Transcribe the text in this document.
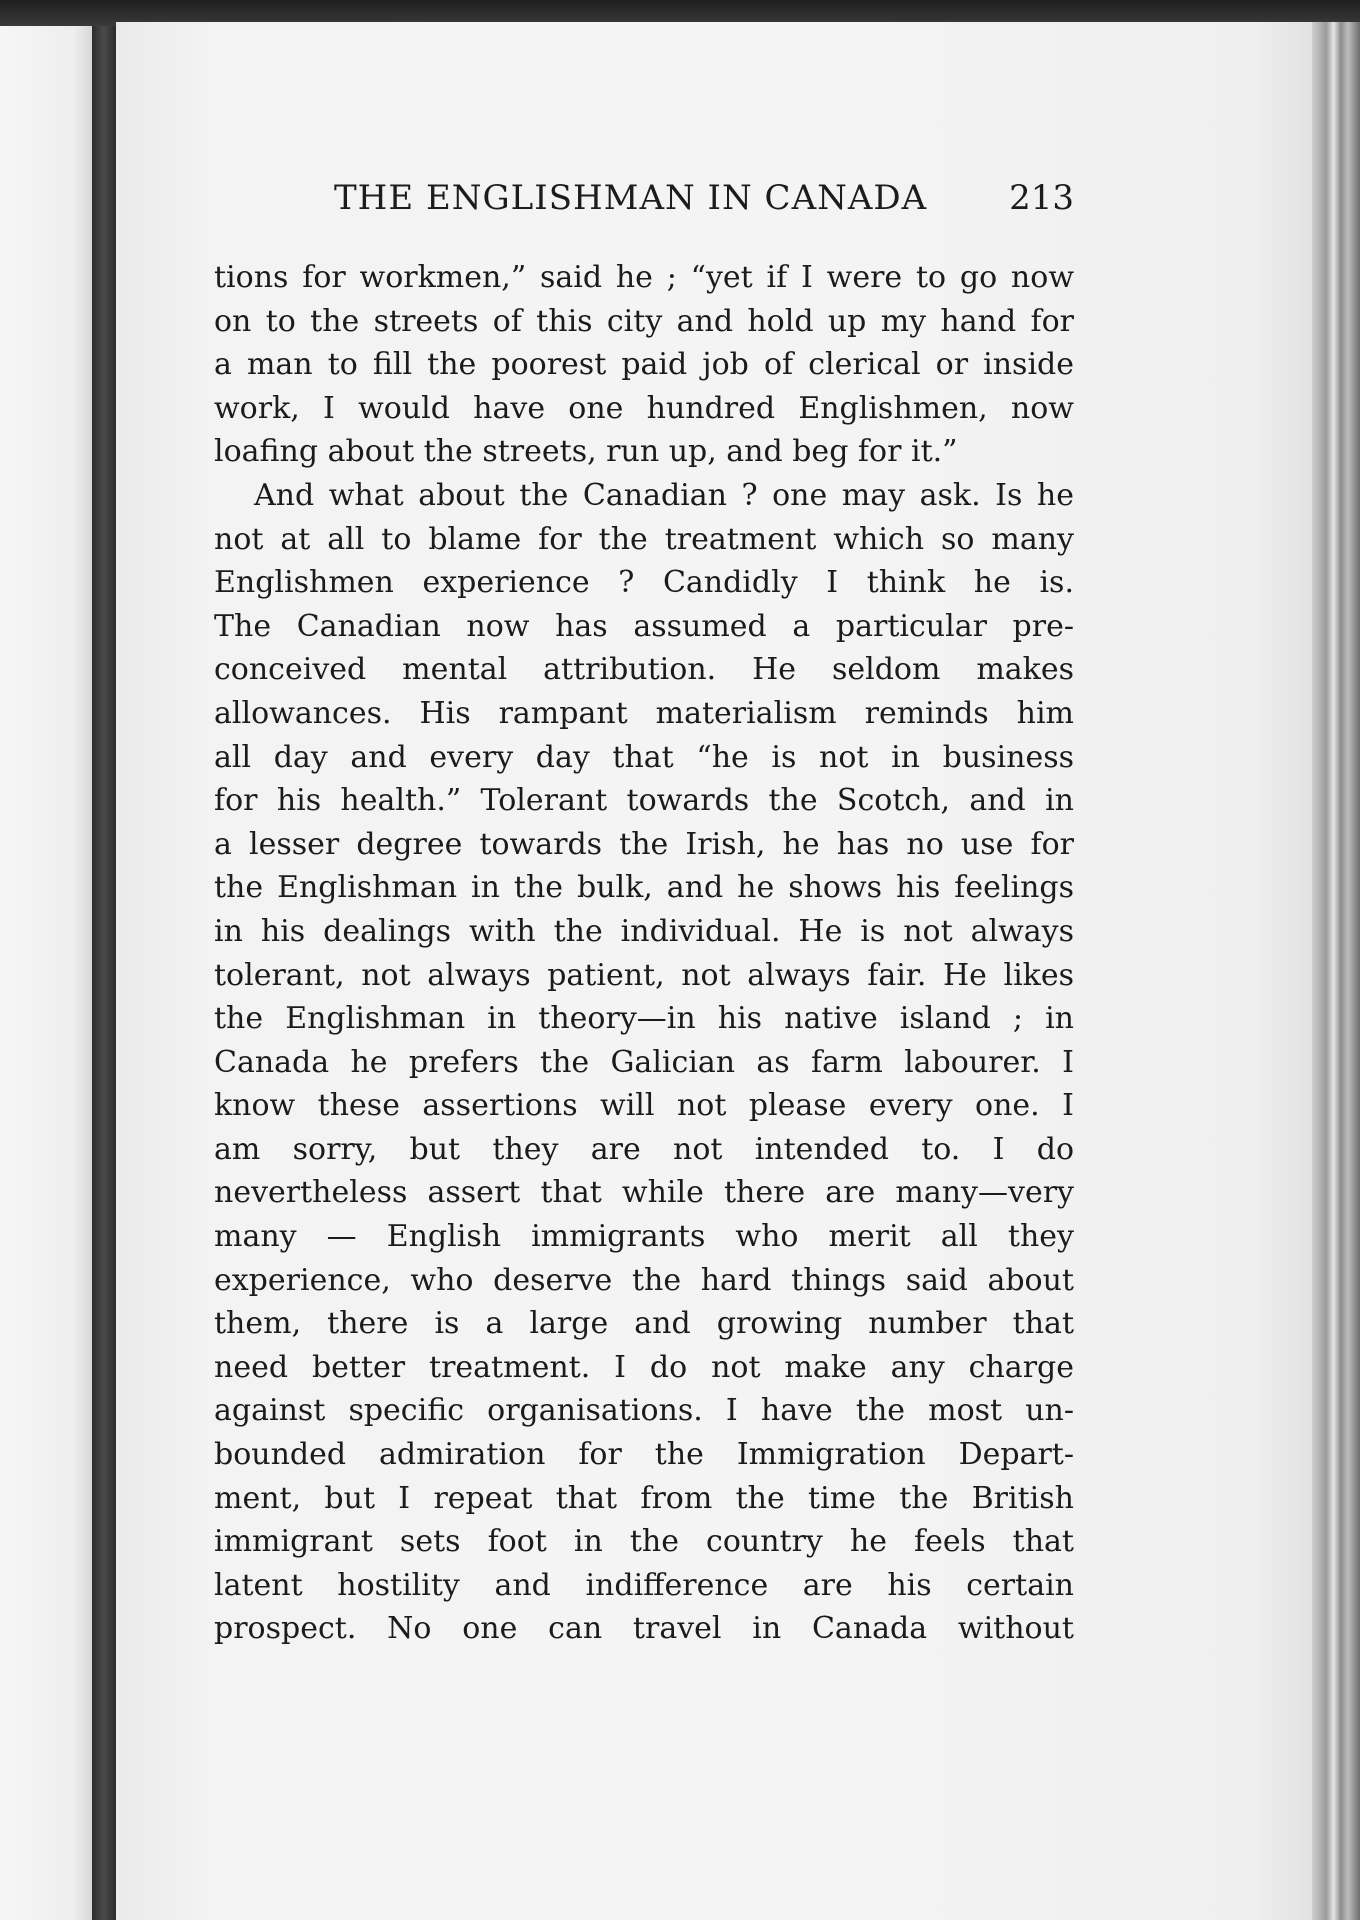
THE ENGLISHMAN IN CANADA 213
tions for workmen,” said he ; “yet if I were to go now
on to the streets of this city and hold up my hand for
a man to fill the poorest paid job of clerical or inside
work, I would have one hundred Englishmen, now
loafing about the streets, run up, and beg for it.”
And what about the Canadian ? one may ask. Is he
not at all to blame for the treatment which so many
Englishmen experience ? Candidly I think he is.
The Canadian now has assumed a particular pre-
conceived mental attribution. He seldom makes
allowances. His rampant materialism reminds him
all day and every day that “he is not in business
for his health.” Tolerant towards the Scotch, and in
a lesser degree towards the Irish, he has no use for
the Englishman in the bulk, and he shows his feelings
in his dealings with the individual. He is not always
tolerant, not always patient, not always fair. He likes
the Englishman in theory—in his native island ; in
Canada he prefers the Galician as farm labourer. I
know these assertions will not please every one. I
am sorry, but they are not intended to. I do
nevertheless assert that while there are many—very
many — English immigrants who merit all they
experience, who deserve the hard things said about
them, there is a large and growing number that
need better treatment. I do not make any charge
against specific organisations. I have the most un-
bounded admiration for the Immigration Depart-
ment, but I repeat that from the time the British
immigrant sets foot in the country he feels that
latent hostility and indifference are his certain
prospect. No one can travel in Canada without
